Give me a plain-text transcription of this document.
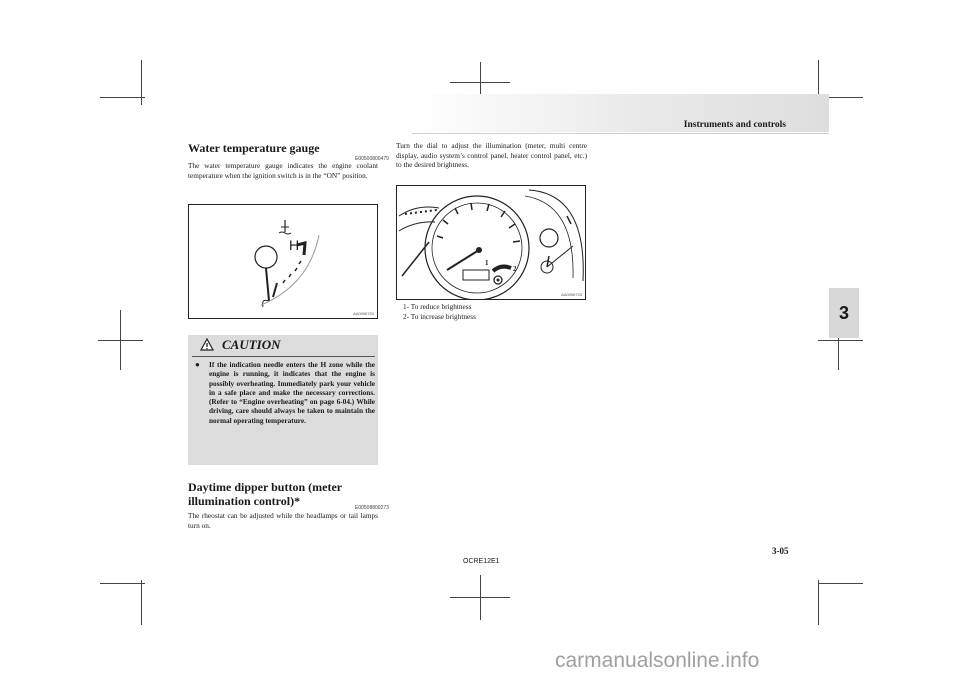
Instruments and controls
3
Water temperature gauge
E00500800479

The water temperature gauge indicates the engine coolant temperature when the ignition switch is in the “ON” position.

H
AA0096720
CAUTION
● If the indication needle enters the H zone while the engine is running, it indicates that the engine is possibly overheating. Immediately park your vehicle in a safe place and make the necessary corrections. (Refer to “Engine overheating” on page 6-04.) While driving, care should always be taken to maintain the normal operating temperature.

Daytime dipper button (meter illumination control)*	E00508800273

The rheostat can be adjusted while the headlamps or tail lamps turn on.

Turn the dial to adjust the illumination (meter, multi centre display, audio system’s control panel, heater control panel, etc.) to the desired brightness.

1
2
AA0096733
1- To reduce brightness
2- To increase brightness
OCRE12E1
3-05
carmanualsonline.info
